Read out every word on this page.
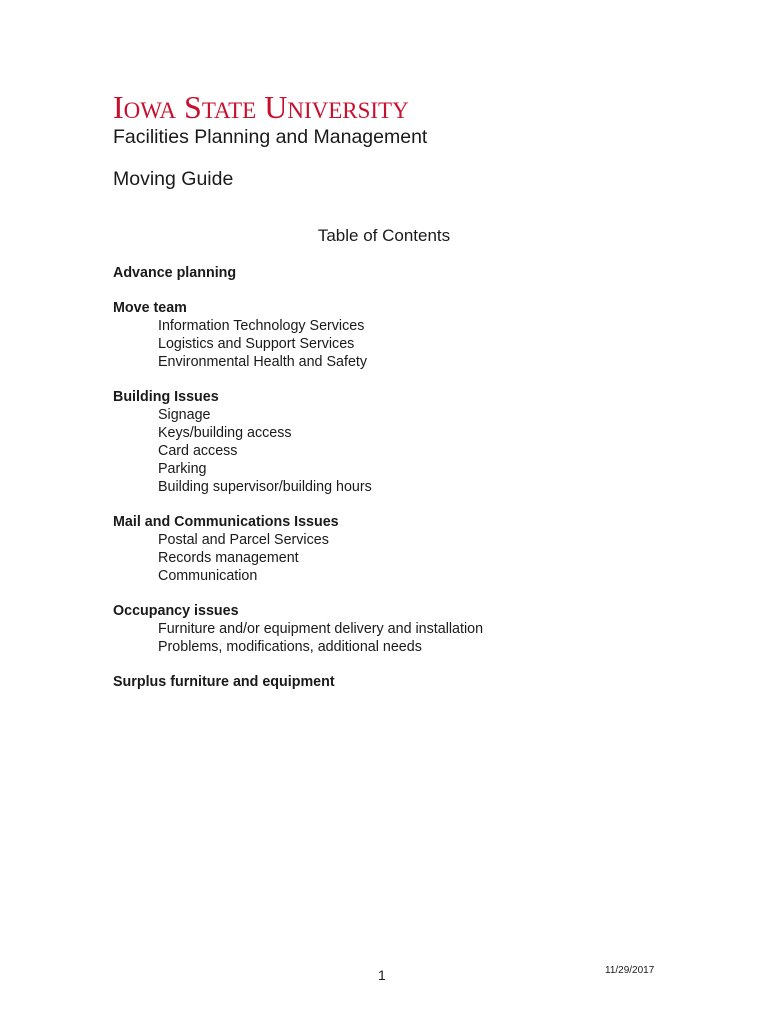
IOWA STATE UNIVERSITY
Facilities Planning and Management
Moving Guide
Table of Contents
Advance planning
Move team
Information Technology Services
Logistics and Support Services
Environmental Health and Safety
Building Issues
Signage
Keys/building access
Card access
Parking
Building supervisor/building hours
Mail and Communications Issues
Postal and Parcel Services
Records management
Communication
Occupancy issues
Furniture and/or equipment delivery and installation
Problems, modifications, additional needs
Surplus furniture and equipment
1	11/29/2017
